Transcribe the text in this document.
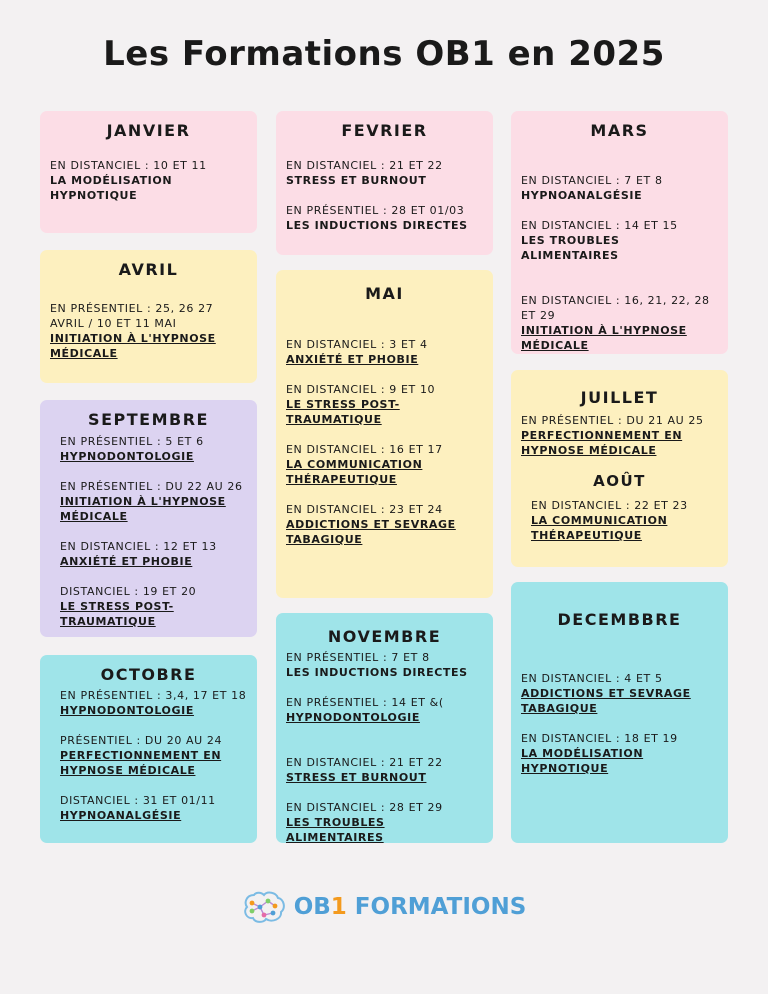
Les Formations OB1 en 2025

JANVIER

EN DISTANCIEL : 10 ET 11
LA MODÉLISATION
HYPNOTIQUE

FEVRIER

EN DISTANCIEL : 21 ET 22
STRESS ET BURNOUT
EN PRÉSENTIEL : 28 ET 01/03
LES INDUCTIONS DIRECTES

MARS

EN DISTANCIEL : 7 ET 8
HYPNOANALGÉSIE
EN DISTANCIEL : 14 ET 15
LES TROUBLES ALIMENTAIRES
EN DISTANCIEL : 16, 21, 22, 28
ET 29
INITIATION À L'HYPNOSE
MÉDICALE

AVRIL

EN PRÉSENTIEL : 25, 26 27
AVRIL / 10 ET 11 MAI
INITIATION À L'HYPNOSE
MÉDICALE

MAI

EN DISTANCIEL : 3 ET 4
ANXIÉTÉ ET PHOBIE
EN DISTANCIEL : 9 ET 10
LE STRESS POST-
TRAUMATIQUE
EN DISTANCIEL : 16 ET 17
LA COMMUNICATION
THÉRAPEUTIQUE
EN DISTANCIEL : 23 ET 24
ADDICTIONS ET SEVRAGE
TABAGIQUE

JUILLET

EN PRÉSENTIEL : DU 21 AU 25
PERFECTIONNEMENT EN
HYPNOSE MÉDICALE

AOÛT

EN DISTANCIEL : 22 ET 23
LA COMMUNICATION
THÉRAPEUTIQUE

SEPTEMBRE

EN PRÉSENTIEL : 5 ET 6
HYPNODONTOLOGIE
EN PRÉSENTIEL : DU 22 AU 26
INITIATION À L'HYPNOSE
MÉDICALE
EN DISTANCIEL : 12 ET 13
ANXIÉTÉ ET PHOBIE
DISTANCIEL : 19 ET 20
LE STRESS POST-
TRAUMATIQUE

OCTOBRE

EN PRÉSENTIEL : 3,4, 17 ET 18
HYPNODONTOLOGIE
PRÉSENTIEL : DU 20 AU 24
PERFECTIONNEMENT EN
HYPNOSE MÉDICALE
DISTANCIEL : 31 ET 01/11
HYPNOANALGÉSIE

NOVEMBRE

EN PRÉSENTIEL : 7 ET 8
LES INDUCTIONS DIRECTES
EN PRÉSENTIEL : 14 ET &(
HYPNODONTOLOGIE
EN DISTANCIEL : 21 ET 22
STRESS ET BURNOUT
EN DISTANCIEL : 28 ET 29
LES TROUBLES ALIMENTAIRES

DECEMBBRE

EN DISTANCIEL : 4 ET 5
ADDICTIONS ET SEVRAGE
TABAGIQUE
EN DISTANCIEL : 18 ET 19
LA MODÉLISATION
HYPNOTIQUE
OB1 FORMATIONS
